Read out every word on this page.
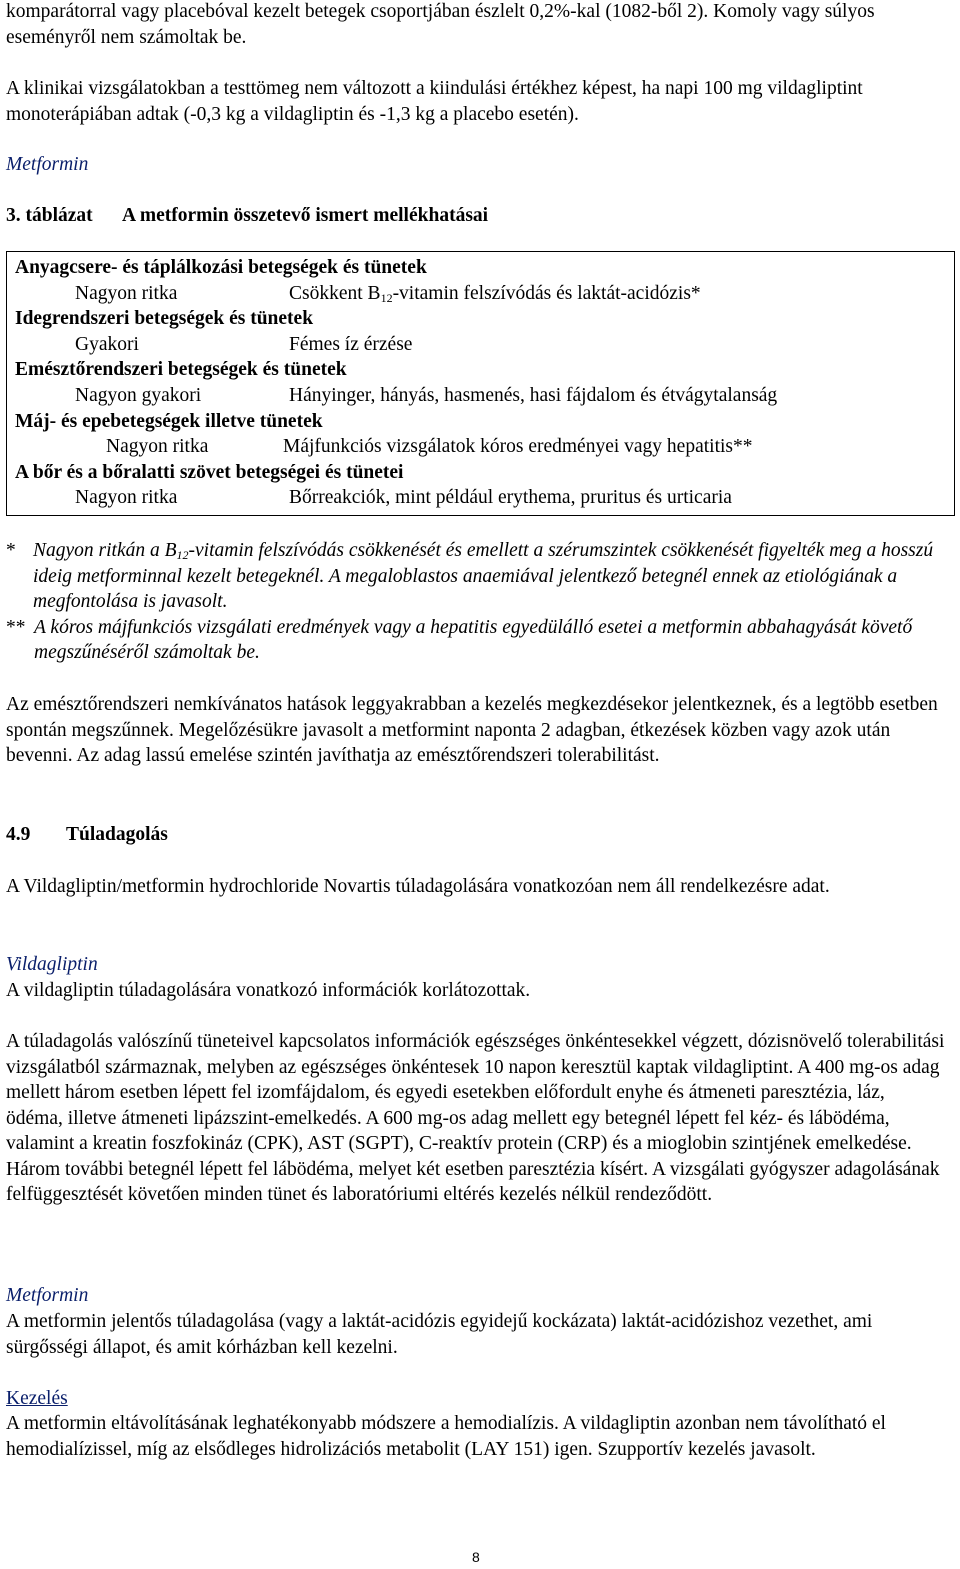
komparátorral vagy placebóval kezelt betegek csoportjában észlelt 0,2%-kal (1082-ből 2). Komoly vagy súlyos eseményről nem számoltak be.

A klinikai vizsgálatokban a testtömeg nem változott a kiindulási értékhez képest, ha napi 100 mg vildagliptint monoterápiában adtak (-0,3 kg a vildagliptin és -1,3 kg a placebo esetén).

Metformin

3. táblázat A metformin összetevő ismert mellékhatásai
Anyagcsere- és táplálkozási betegségek és tünetek
Nagyon ritka	Csökkent $B_{12}$-vitamin felszívódás és laktát-acidózis*
Idegrendszeri betegségek és tünetek
Gyakori	Fémes íz érzése
Emésztőrendszeri betegségek és tünetek
Nagyon gyakori	Hányinger, hányás, hasmenés, hasi fájdalom és étvágytalanság
Máj- és epebetegségek illetve tünetek
Nagyon ritka	Májfunkciós vizsgálatok kóros eredményei vagy hepatitis**
A bőr és a bőralatti szövet betegségei és tünetei
Nagyon ritka	Bőrreakciók, mint például erythema, pruritus és urticaria
* Nagyon ritkán a $B_{12}$-vitamin felszívódás csökkenését és emellett a szérumszintek csökkenését figyelték meg a hosszú ideig metforminnal kezelt betegeknél. A megaloblastos anaemiával jelentkező betegnél ennek az etiológiának a megfontolása is javasolt.
** A kóros májfunkciós vizsgálati eredmények vagy a hepatitis egyedülálló esetei a metformin abbahagyását követő megszűnéséről számoltak be.

Az emésztőrendszeri nemkívánatos hatások leggyakrabban a kezelés megkezdésekor jelentkeznek, és a legtöbb esetben spontán megszűnnek. Megelőzésükre javasolt a metformint naponta 2 adagban, étkezések közben vagy azok után bevenni. Az adag lassú emelése szintén javíthatja az emésztőrendszeri tolerabilitást.

4.9 Túladagolás

A Vildagliptin/metformin hydrochloride Novartis túladagolására vonatkozóan nem áll rendelkezésre adat.

Vildagliptin

A vildagliptin túladagolására vonatkozó információk korlátozottak.

A túladagolás valószínű tüneteivel kapcsolatos információk egészséges önkéntesekkel végzett, dózisnövelő tolerabilitási vizsgálatból származnak, melyben az egészséges önkéntesek 10 napon keresztül kaptak vildagliptint. A 400 mg-os adag mellett három esetben lépett fel izomfájdalom, és egyedi esetekben előfordult enyhe és átmeneti paresztézia, láz, ödéma, illetve átmeneti lipázszint-emelkedés. A 600 mg-os adag mellett egy betegnél lépett fel kéz- és lábödéma, valamint a kreatin foszfokináz (CPK), AST (SGPT), C-reaktív protein (CRP) és a mioglobin szintjének emelkedése. Három további betegnél lépett fel lábödéma, melyet két esetben paresztézia kísért. A vizsgálati gyógyszer adagolásának felfüggesztését követően minden tünet és laboratóriumi eltérés kezelés nélkül rendeződött.

Metformin

A metformin jelentős túladagolása (vagy a laktát-acidózis egyidejű kockázata) laktát-acidózishoz vezethet, ami sürgősségi állapot, és amit kórházban kell kezelni.

Kezelés

A metformin eltávolításának leghatékonyabb módszere a hemodialízis. A vildagliptin azonban nem távolítható el hemodialízissel, míg az elsődleges hidrolizációs metabolit (LAY 151) igen. Szupportív kezelés javasolt.

8
